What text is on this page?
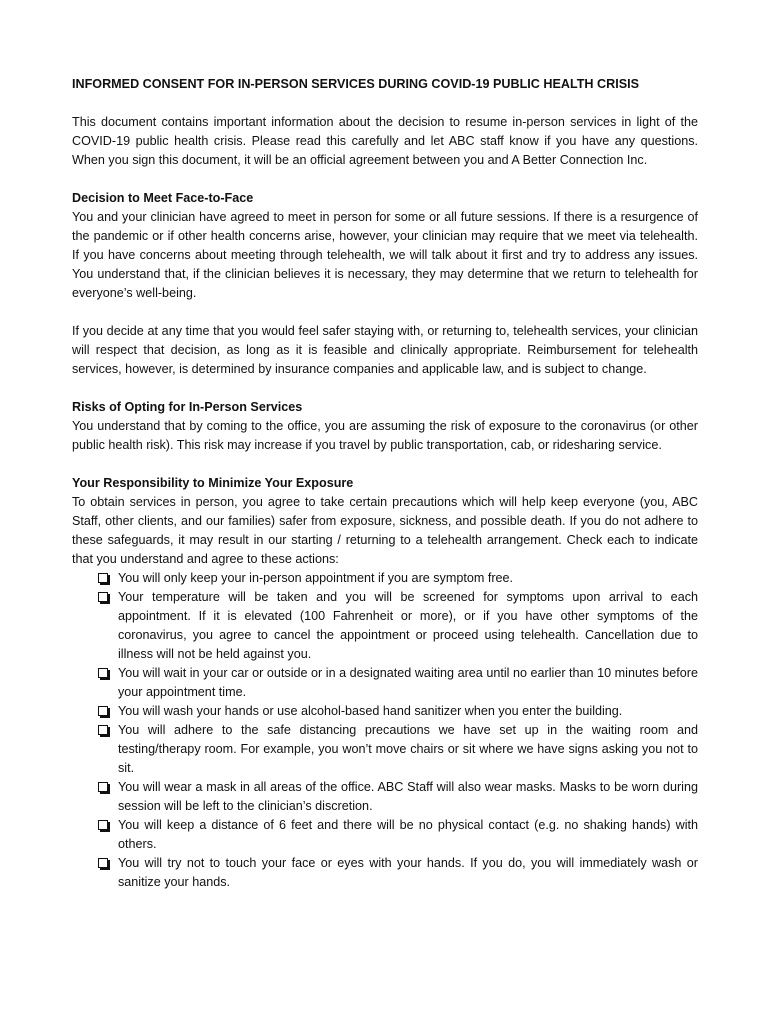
INFORMED CONSENT FOR IN-PERSON SERVICES DURING COVID-19 PUBLIC HEALTH CRISIS

This document contains important information about the decision to resume in-person services in light of the COVID-19 public health crisis. Please read this carefully and let ABC staff know if you have any questions. When you sign this document, it will be an official agreement between you and A Better Connection Inc.

Decision to Meet Face-to-Face

You and your clinician have agreed to meet in person for some or all future sessions. If there is a resurgence of the pandemic or if other health concerns arise, however, your clinician may require that we meet via telehealth. If you have concerns about meeting through telehealth, we will talk about it first and try to address any issues. You understand that, if the clinician believes it is necessary, they may determine that we return to telehealth for everyone’s well-being.

If you decide at any time that you would feel safer staying with, or returning to, telehealth services, your clinician will respect that decision, as long as it is feasible and clinically appropriate. Reimbursement for telehealth services, however, is determined by insurance companies and applicable law, and is subject to change.

Risks of Opting for In-Person Services

You understand that by coming to the office, you are assuming the risk of exposure to the coronavirus (or other public health risk). This risk may increase if you travel by public transportation, cab, or ridesharing service.

Your Responsibility to Minimize Your Exposure

To obtain services in person, you agree to take certain precautions which will help keep everyone (you, ABC Staff, other clients, and our families) safer from exposure, sickness, and possible death. If you do not adhere to these safeguards, it may result in our starting / returning to a telehealth arrangement. Check each to indicate that you understand and agree to these actions:

You will only keep your in-person appointment if you are symptom free.
Your temperature will be taken and you will be screened for symptoms upon arrival to each appointment. If it is elevated (100 Fahrenheit or more), or if you have other symptoms of the coronavirus, you agree to cancel the appointment or proceed using telehealth. Cancellation due to illness will not be held against you.
You will wait in your car or outside or in a designated waiting area until no earlier than 10 minutes before your appointment time.
You will wash your hands or use alcohol-based hand sanitizer when you enter the building.
You will adhere to the safe distancing precautions we have set up in the waiting room and testing/therapy room. For example, you won’t move chairs or sit where we have signs asking you not to sit.
You will wear a mask in all areas of the office. ABC Staff will also wear masks. Masks to be worn during session will be left to the clinician’s discretion.
You will keep a distance of 6 feet and there will be no physical contact (e.g. no shaking hands) with others.
You will try not to touch your face or eyes with your hands. If you do, you will immediately wash or sanitize your hands.
